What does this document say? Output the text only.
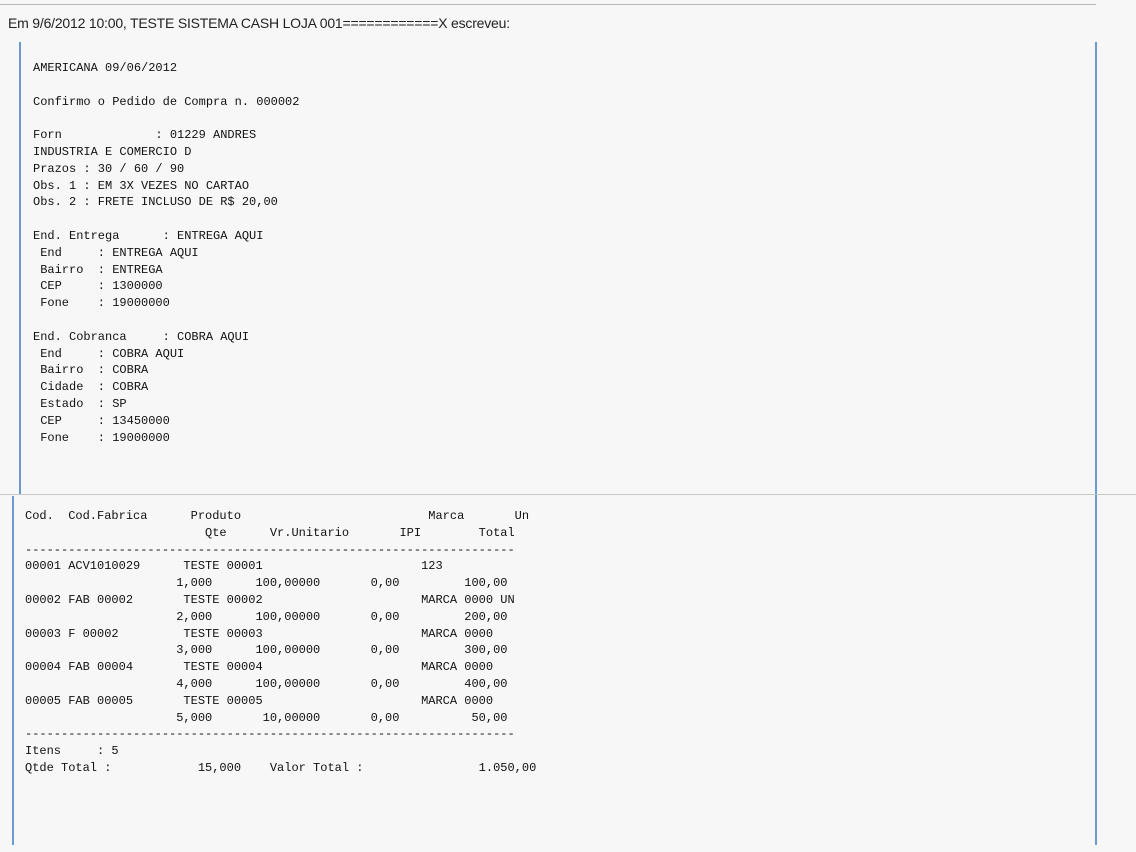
Em 9/6/2012 10:00, TESTE SISTEMA CASH LOJA 001============X escreveu:
AMERICANA 09/06/2012

Confirmo o Pedido de Compra n. 000002

Forn             : 01229 ANDRES
INDUSTRIA E COMERCIO D
Prazos : 30 / 60 / 90
Obs. 1 : EM 3X VEZES NO CARTAO
Obs. 2 : FRETE INCLUSO DE R$ 20,00

End. Entrega      : ENTREGA AQUI
End     : ENTREGA AQUI
Bairro  : ENTREGA
CEP     : 1300000
Fone    : 19000000

End. Cobranca     : COBRA AQUI
End     : COBRA AQUI
Bairro  : COBRA
Cidade  : COBRA
Estado  : SP
CEP     : 13450000
Fone    : 19000000
Cod.  Cod.Fabrica      Produto                          Marca       Un
Qte      Vr.Unitario       IPI        Total
--------------------------------------------------------------------
00001 ACV1010029      TESTE 00001                      123
1,000      100,00000       0,00         100,00
00002 FAB 00002       TESTE 00002                      MARCA 0000 UN
2,000      100,00000       0,00         200,00
00003 F 00002         TESTE 00003                      MARCA 0000
3,000      100,00000       0,00         300,00
00004 FAB 00004       TESTE 00004                      MARCA 0000
4,000      100,00000       0,00         400,00
00005 FAB 00005       TESTE 00005                      MARCA 0000
5,000       10,00000       0,00          50,00
--------------------------------------------------------------------
Itens     : 5
Qtde Total :            15,000    Valor Total :                1.050,00
